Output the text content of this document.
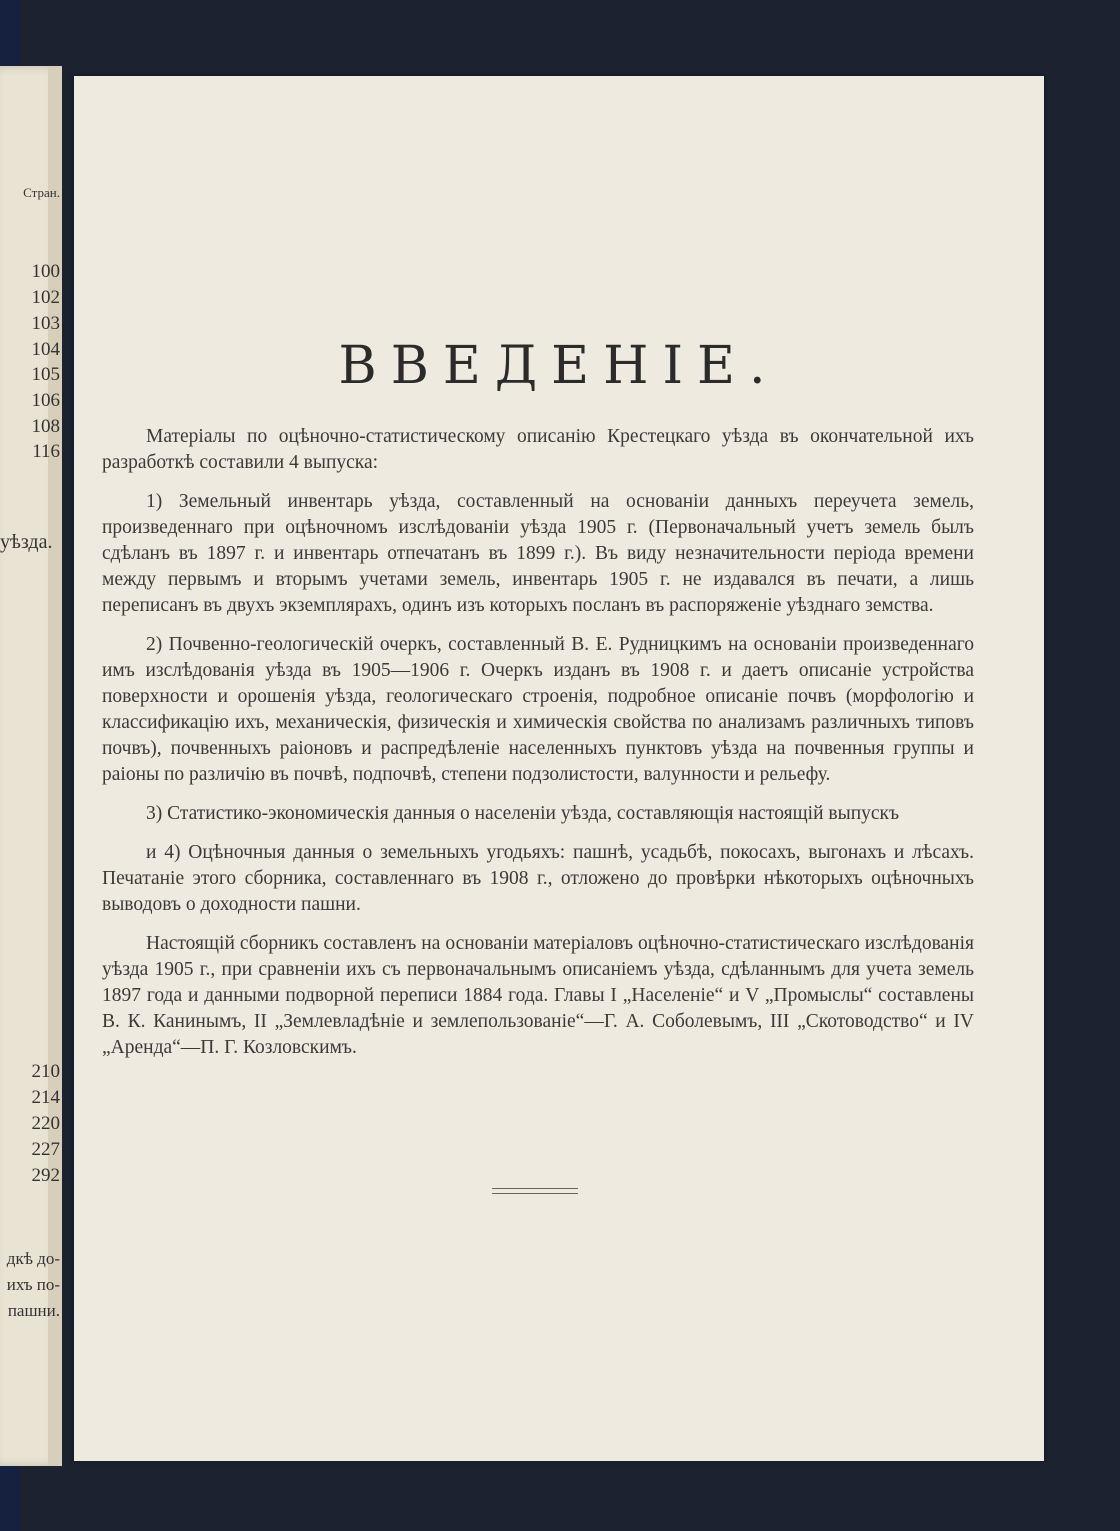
Стран.
100
102
103
104
105
106
108
116
уѣзда.
210
214
220
227
292
дкѣ до-
ихъ по-
пашни.
ВВЕДЕНIЕ.

Матеріалы по оцѣночно-статистическому описанію Крестецкаго уѣзда въ окончательной ихъ разработкѣ составили 4 выпуска:

1) Земельный инвентарь уѣзда, составленный на основаніи данныхъ переучета земель, произведеннаго при оцѣночномъ изслѣдованіи уѣзда 1905 г. (Первоначальный учетъ земель былъ сдѣланъ въ 1897 г. и инвентарь отпечатанъ въ 1899 г.). Въ виду незначительности періода времени между первымъ и вторымъ учетами земель, инвентарь 1905 г. не издавался въ печати, а лишь переписанъ въ двухъ экземплярахъ, одинъ изъ которыхъ посланъ въ распоряженіе уѣзднаго земства.

2) Почвенно-геологическій очеркъ, составленный В. Е. Рудницкимъ на основаніи произведеннаго имъ изслѣдованія уѣзда въ 1905—1906 г. Очеркъ изданъ въ 1908 г. и даетъ описаніе устройства поверхности и орошенія уѣзда, геологическаго строенія, подробное описаніе почвъ (морфологію и классификацію ихъ, механическія, физическія и химическія свойства по анализамъ различныхъ типовъ почвъ), почвенныхъ раіоновъ и распредѣленіе населенныхъ пунктовъ уѣзда на почвенныя группы и раіоны по различію въ почвѣ, подпочвѣ, степени подзолистости, валунности и рельефу.

3) Статистико-экономическія данныя о населеніи уѣзда, составляющія настоящій выпускъ

и 4) Оцѣночныя данныя о земельныхъ угодьяхъ: пашнѣ, усадьбѣ, покосахъ, выгонахъ и лѣсахъ. Печатаніе этого сборника, составленнаго въ 1908 г., отложено до провѣрки нѣкоторыхъ оцѣночныхъ выводовъ о доходности пашни.

Настоящій сборникъ составленъ на основаніи матеріаловъ оцѣночно-статистическаго изслѣдованія уѣзда 1905 г., при сравненіи ихъ съ первоначальнымъ описаніемъ уѣзда, сдѣланнымъ для учета земель 1897 года и данными подворной переписи 1884 года. Главы I „Населеніе“ и V „Промыслы“ составлены В. К. Канинымъ, II „Землевладѣніе и землепользованіе“—Г. А. Соболевымъ, III „Скотоводство“ и IV „Аренда“—П. Г. Козловскимъ.
